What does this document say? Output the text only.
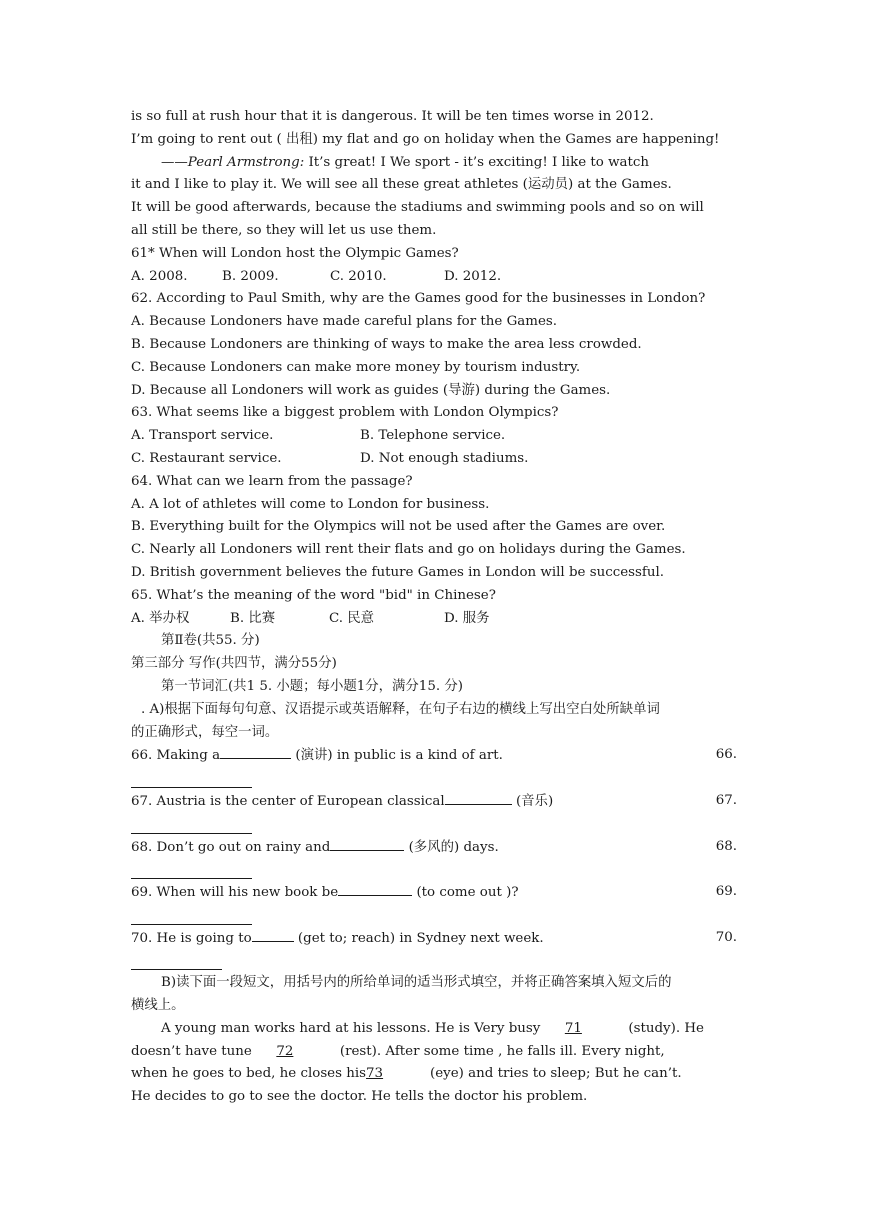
is so full at rush hour that it is dangerous. It will be ten times worse in 2012.
I’m going to rent out ( 出租) my flat and go on holiday when the Games are happening!
——Pearl Armstrong: It’s great! I We sport - it’s exciting! I like to watch
it and I like to play it. We will see all these great athletes (运动员) at the Games.
It will be good afterwards, because the stadiums and swimming pools and so on will
all still be there, so they will let us use them.
61* When will London host the Olympic Games?
A. 2008.	B. 2009.	C. 2010.	D. 2012.
62. According to Paul Smith, why are the Games good for the businesses in London?
A. Because Londoners have made careful plans for the Games.
B. Because Londoners are thinking of ways to make the area less crowded.
C. Because Londoners can make more money by tourism industry.
D. Because all Londoners will work as guides (导游) during the Games.
63. What seems like a biggest problem with London Olympics?
A. Transport service.	B. Telephone service.
C. Restaurant service.	D. Not enough stadiums.
64. What can we learn from the passage?
A. A lot of athletes will come to London for business.
B. Everything built for the Olympics will not be used after the Games are over.
C. Nearly all Londoners will rent their flats and go on holidays during the Games.
D. British government believes the future Games in London will be successful.
65. What’s the meaning of the word "bid" in Chinese?
A. 举办权	B. 比赛	C. 民意	D. 服务
第Ⅱ卷(共55. 分)
第三部分 写作(共四节，满分55分)
第一节词汇(共1 5. 小题；每小题1分，满分15. 分)
. A)根据下面每句句意、汉语提示或英语解释，在句子右边的横线上写出空白处所缺单词
的正确形式，每空一词。
66. Making a	(演讲) in public is a kind of art.	66.
67. Austria is the center of European classical	(音乐)	67.
68. Don’t go out on rainy and	(多风的) days.	68.
69. When will his new book be	(to come out )?	69.
70. He is going to	(get to; reach) in Sydney next week.	70.
B)读下面一段短文，用括号内的所给单词的适当形式填空，并将正确答案填入短文后的
横线上。
A young man works hard at his lessons. He is Very busy 71	(study). He
doesn’t have tune 72	(rest). After some time , he falls ill. Every night,
when he goes to bed, he closes his73	(eye) and tries to sleep; But he can’t.
He decides to go to see the doctor. He tells the doctor his problem.
